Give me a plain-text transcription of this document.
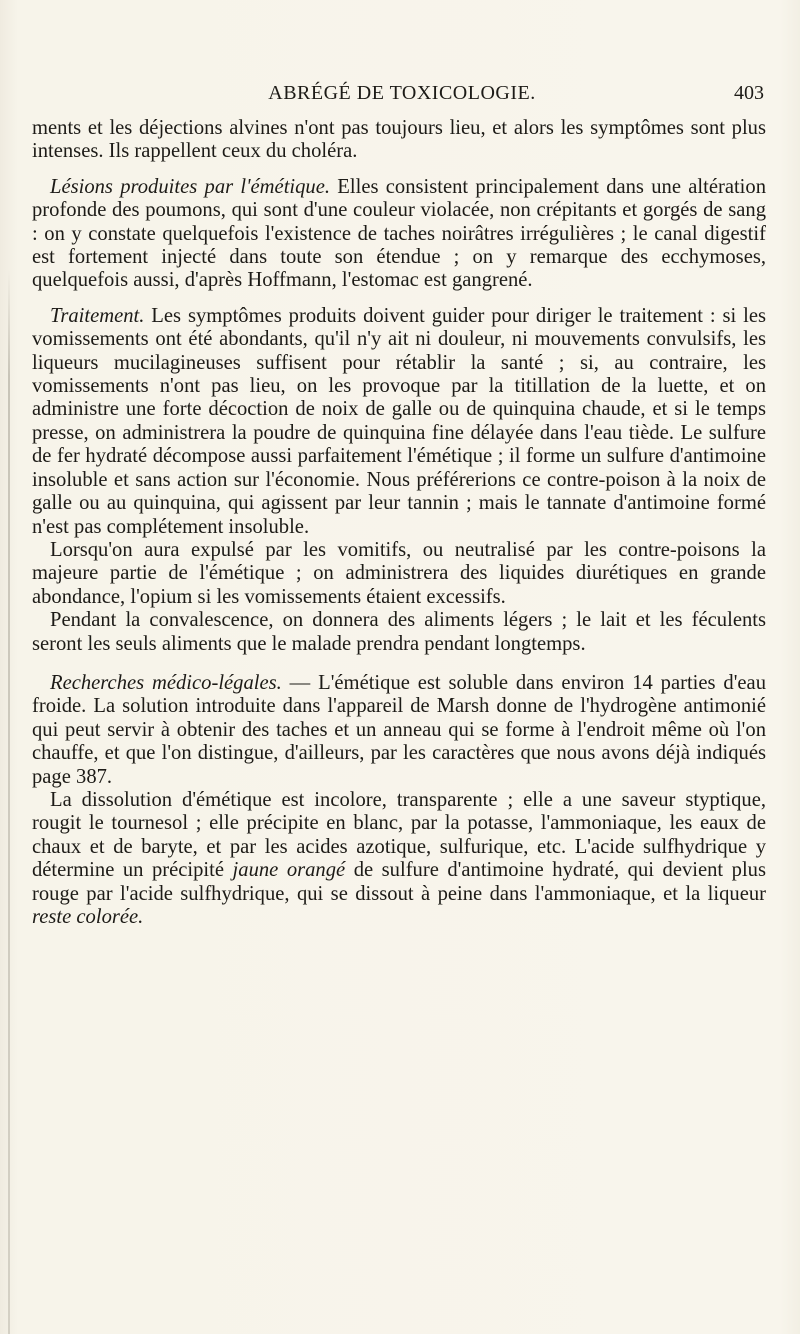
ABRÉGÉ DE TOXICOLOGIE.	403

ments et les déjections alvines n'ont pas toujours lieu, et alors les symptômes sont plus intenses. Ils rappellent ceux du choléra.

Lésions produites par l'émétique. Elles consistent principalement dans une altération profonde des poumons, qui sont d'une couleur violacée, non crépitants et gorgés de sang : on y constate quelquefois l'existence de taches noirâtres irrégulières ; le canal digestif est fortement injecté dans toute son étendue ; on y remarque des ecchymoses, quelquefois aussi, d'après Hoffmann, l'estomac est gangrené.

Traitement. Les symptômes produits doivent guider pour diriger le traitement : si les vomissements ont été abondants, qu'il n'y ait ni douleur, ni mouvements convulsifs, les liqueurs mucilagineuses suffisent pour rétablir la santé ; si, au contraire, les vomissements n'ont pas lieu, on les provoque par la titillation de la luette, et on administre une forte décoction de noix de galle ou de quinquina chaude, et si le temps presse, on administrera la poudre de quinquina fine délayée dans l'eau tiède. Le sulfure de fer hydraté décompose aussi parfaitement l'émétique ; il forme un sulfure d'antimoine insoluble et sans action sur l'économie. Nous préférerions ce contre-poison à la noix de galle ou au quinquina, qui agissent par leur tannin ; mais le tannate d'antimoine formé n'est pas complétement insoluble.

Lorsqu'on aura expulsé par les vomitifs, ou neutralisé par les contre-poisons la majeure partie de l'émétique ; on administrera des liquides diurétiques en grande abondance, l'opium si les vomissements étaient excessifs.

Pendant la convalescence, on donnera des aliments légers ; le lait et les féculents seront les seuls aliments que le malade prendra pendant longtemps.

Recherches médico-légales. — L'émétique est soluble dans environ 14 parties d'eau froide. La solution introduite dans l'appareil de Marsh donne de l'hydrogène antimonié qui peut servir à obtenir des taches et un anneau qui se forme à l'endroit même où l'on chauffe, et que l'on distingue, d'ailleurs, par les caractères que nous avons déjà indiqués page 387.

La dissolution d'émétique est incolore, transparente ; elle a une saveur styptique, rougit le tournesol ; elle précipite en blanc, par la potasse, l'ammoniaque, les eaux de chaux et de baryte, et par les acides azotique, sulfurique, etc. L'acide sulfhydrique y détermine un précipité jaune orangé de sulfure d'antimoine hydraté, qui devient plus rouge par l'acide sulfhydrique, qui se dissout à peine dans l'ammoniaque, et la liqueur reste colorée.
